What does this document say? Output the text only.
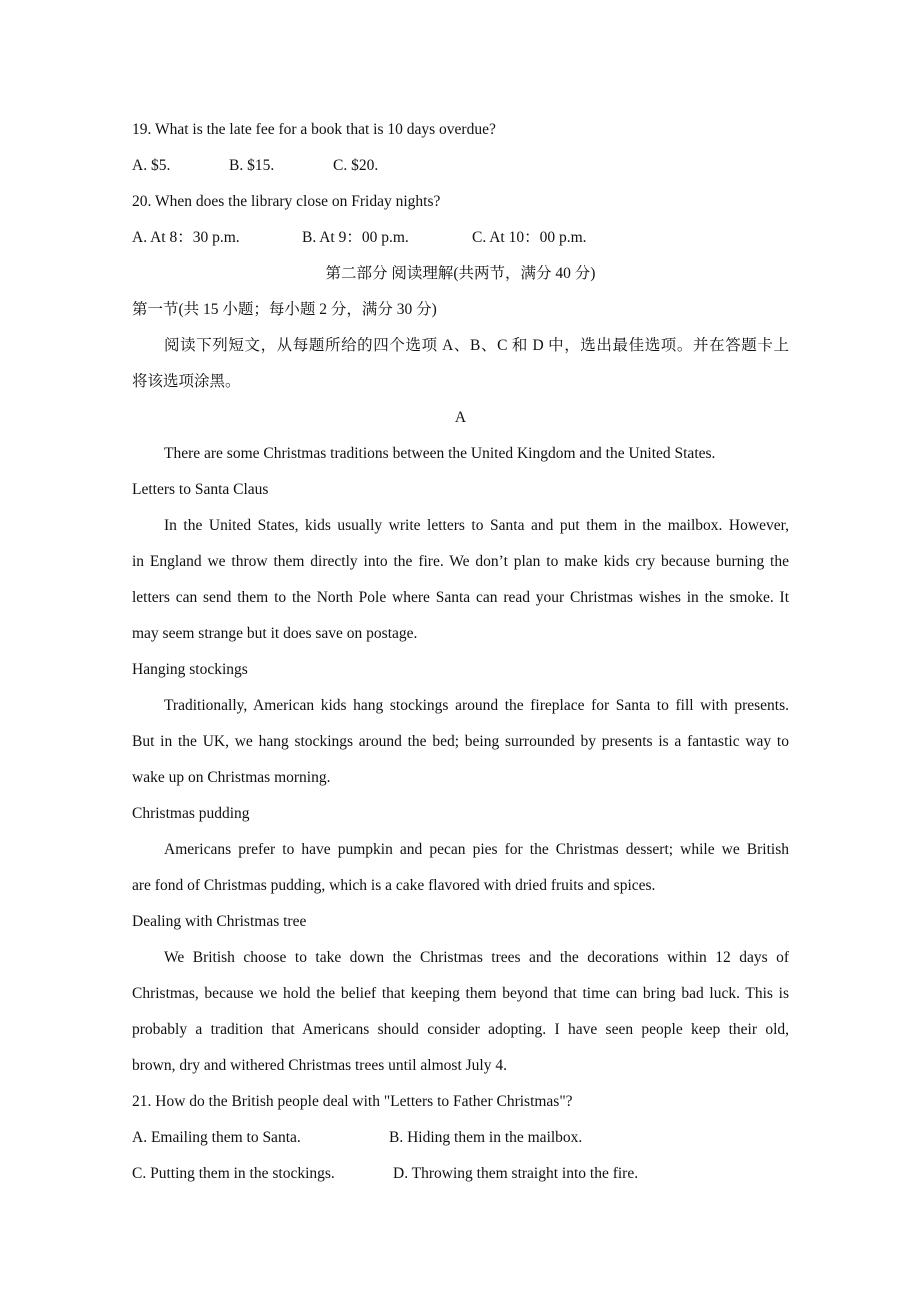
19. What is the late fee for a book that is 10 days overdue?
A. $5.	B. $15.	C. $20.
20. When does the library close on Friday nights?
A. At 8：30 p.m.	B. At 9：00 p.m.	C. At 10：00 p.m.
第二部分 阅读理解(共两节，满分 40 分)
第一节(共 15 小题；每小题 2 分，满分 30 分)
阅读下列短文，从每题所给的四个选项 A、B、C 和 D 中，选出最佳选项。并在答题卡上
将该选项涂黑。
A
There are some Christmas traditions between the United Kingdom and the United States.
Letters to Santa Claus
In the United States, kids usually write letters to Santa and put them in the mailbox. However,
in England we throw them directly into the fire. We don’t plan to make kids cry because burning the
letters can send them to the North Pole where Santa can read your Christmas wishes in the smoke. It
may seem strange but it does save on postage.
Hanging stockings
Traditionally, American kids hang stockings around the fireplace for Santa to fill with presents.
But in the UK, we hang stockings around the bed; being surrounded by presents is a fantastic way to
wake up on Christmas morning.
Christmas pudding
Americans prefer to have pumpkin and pecan pies for the Christmas dessert; while we British
are fond of Christmas pudding, which is a cake flavored with dried fruits and spices.
Dealing with Christmas tree
We British choose to take down the Christmas trees and the decorations within 12 days of
Christmas, because we hold the belief that keeping them beyond that time can bring bad luck. This is
probably a tradition that Americans should consider adopting. I have seen people keep their old,
brown, dry and withered Christmas trees until almost July 4.
21. How do the British people deal with "Letters to Father Christmas"?
A. Emailing them to Santa.	B. Hiding them in the mailbox.
C. Putting them in the stockings.	D. Throwing them straight into the fire.
